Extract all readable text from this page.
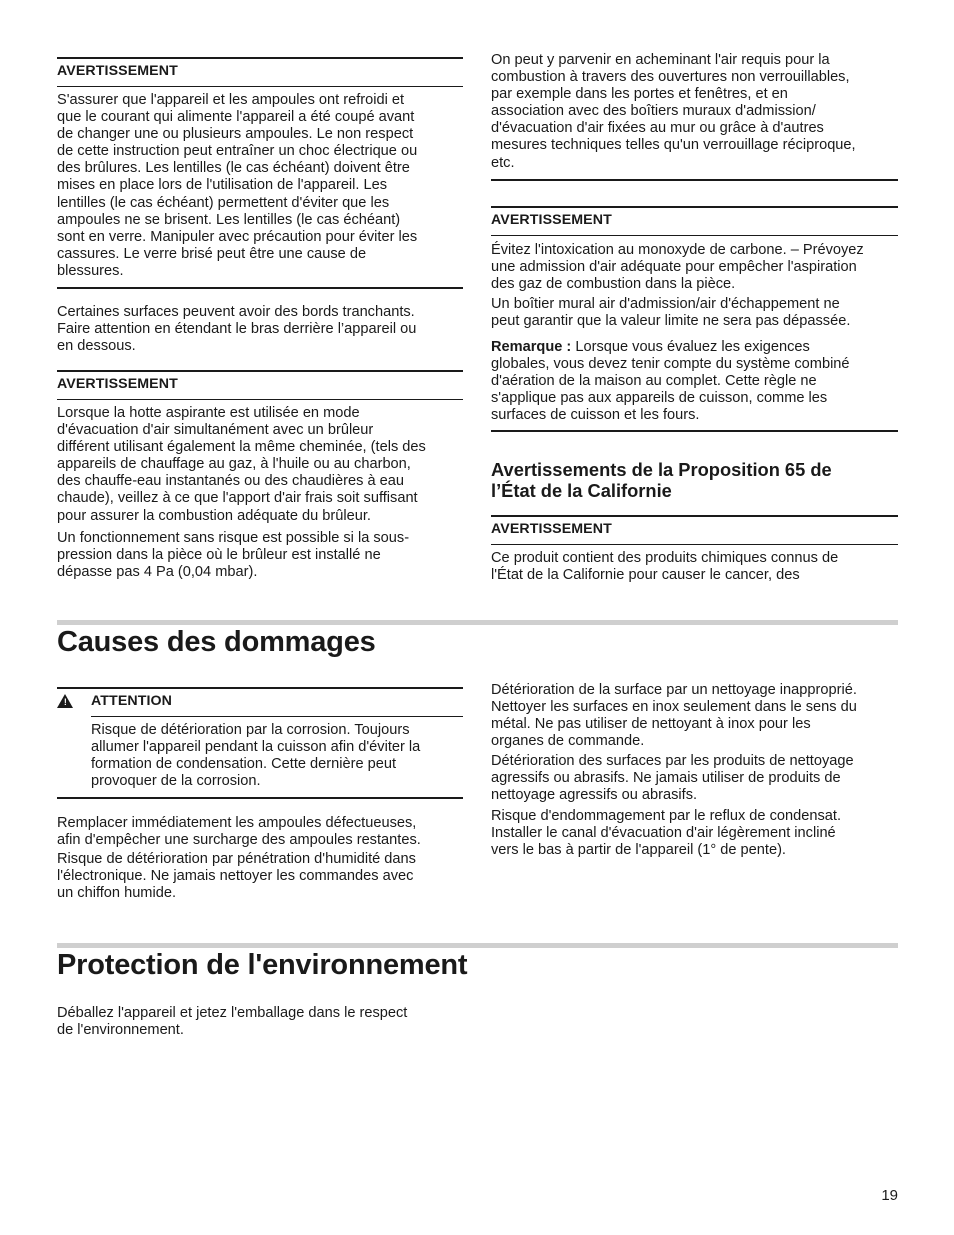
AVERTISSEMENT

S'assurer que l'appareil et les ampoules ont refroidi et
que le courant qui alimente l'appareil a été coupé avant
de changer une ou plusieurs ampoules. Le non respect
de cette instruction peut entraîner un choc électrique ou
des brûlures. Les lentilles (le cas échéant) doivent être
mises en place lors de l'utilisation de l'appareil. Les
lentilles (le cas échéant) permettent d'éviter que les
ampoules ne se brisent. Les lentilles (le cas échéant)
sont en verre. Manipuler avec précaution pour éviter les
cassures. Le verre brisé peut être une cause de
blessures.
Certaines surfaces peuvent avoir des bords tranchants.
Faire attention en étendant le bras derrière l’appareil ou
en dessous.

AVERTISSEMENT

Lorsque la hotte aspirante est utilisée en mode
d'évacuation d'air simultanément avec un brûleur
différent utilisant également la même cheminée, (tels des
appareils de chauffage au gaz, à l'huile ou au charbon,
des chauffe-eau instantanés ou des chaudières à eau
chaude), veillez à ce que l'apport d'air frais soit suffisant
pour assurer la combustion adéquate du brûleur.
Un fonctionnement sans risque est possible si la sous-
pression dans la pièce où le brûleur est installé ne
dépasse pas 4 Pa (0,04 mbar).
On peut y parvenir en acheminant l'air requis pour la
combustion à travers des ouvertures non verrouillables,
par exemple dans les portes et fenêtres, et en
association avec des boîtiers muraux d'admission/
d'évacuation d'air fixées au mur ou grâce à d'autres
mesures techniques telles qu'un verrouillage réciproque,
etc.

AVERTISSEMENT

Évitez l'intoxication au monoxyde de carbone. – Prévoyez
une admission d'air adéquate pour empêcher l'aspiration
des gaz de combustion dans la pièce.
Un boîtier mural air d'admission/air d'échappement ne
peut garantir que la valeur limite ne sera pas dépassée.
Remarque : Lorsque vous évaluez les exigences
globales, vous devez tenir compte du système combiné
d'aération de la maison au complet. Cette règle ne
s'applique pas aux appareils de cuisson, comme les
surfaces de cuisson et les fours.
Avertissements de la Proposition 65 de
l’État de la Californie

AVERTISSEMENT

Ce produit contient des produits chimiques connus de
l'État de la Californie pour causer le cancer, des
Causes des dommages
! ATTENTION
Risque de détérioration par la corrosion. Toujours
allumer l'appareil pendant la cuisson afin d'éviter la
formation de condensation. Cette dernière peut
provoquer de la corrosion.
Remplacer immédiatement les ampoules défectueuses,
afin d'empêcher une surcharge des ampoules restantes.
Risque de détérioration par pénétration d'humidité dans
l'électronique. Ne jamais nettoyer les commandes avec
un chiffon humide.
Détérioration de la surface par un nettoyage inapproprié.
Nettoyer les surfaces en inox seulement dans le sens du
métal. Ne pas utiliser de nettoyant à inox pour les
organes de commande.
Détérioration des surfaces par les produits de nettoyage
agressifs ou abrasifs. Ne jamais utiliser de produits de
nettoyage agressifs ou abrasifs.
Risque d'endommagement par le reflux de condensat.
Installer le canal d'évacuation d'air légèrement incliné
vers le bas à partir de l'appareil (1° de pente).
Protection de l'environnement
Déballez l'appareil et jetez l'emballage dans le respect
de l'environnement.
19
